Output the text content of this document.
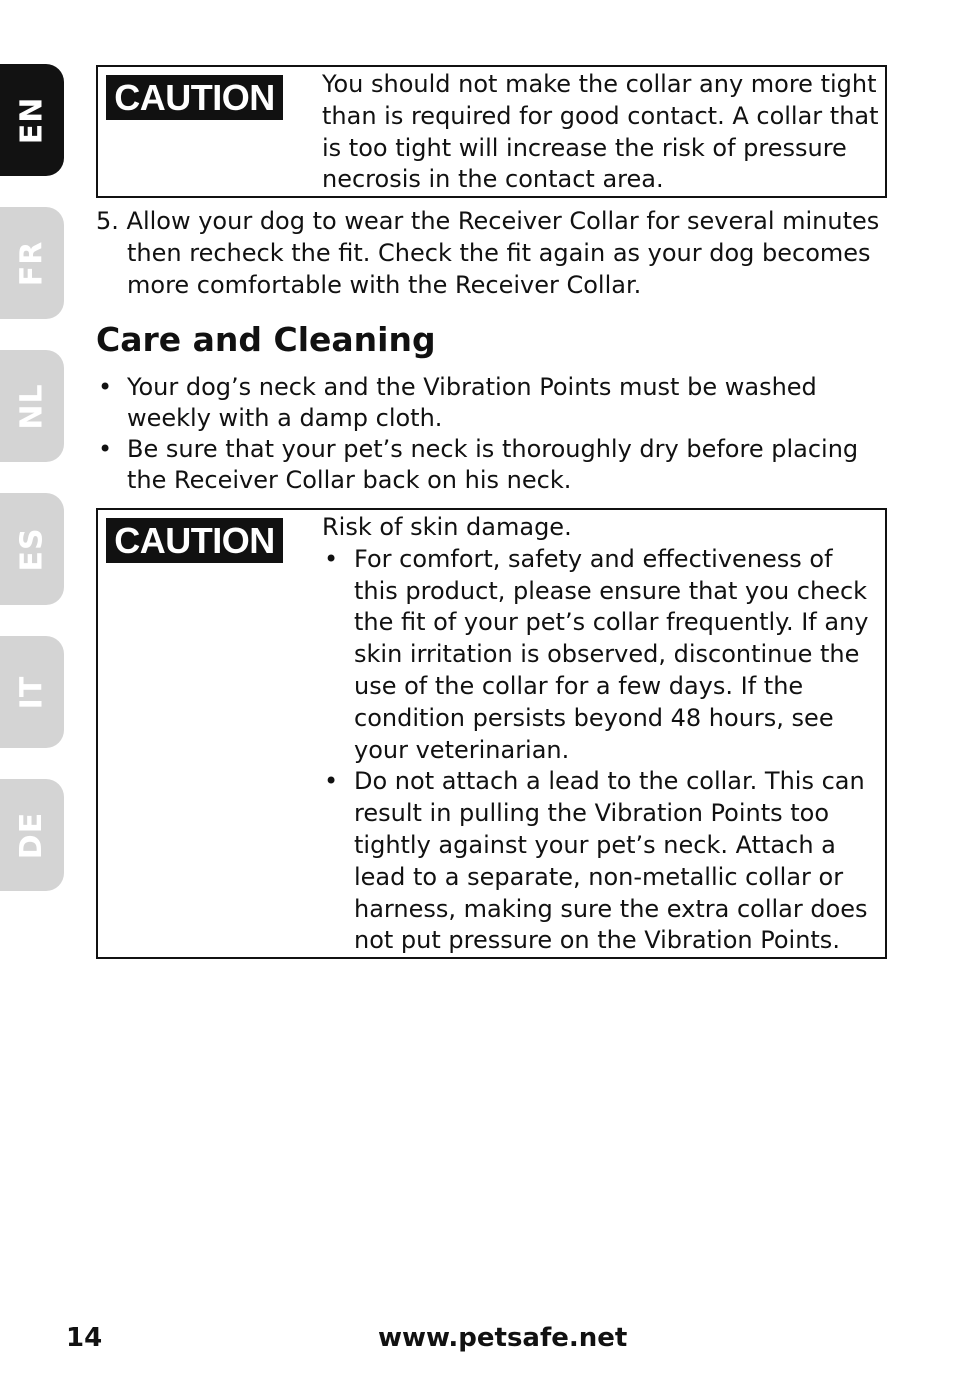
EN
FR
NL
ES
IT
DE
CAUTION	You should not make the collar any more tight than is required for good contact. A collar that is too tight will increase the risk of pressure necrosis in the contact area.

5. Allow your dog to wear the Receiver Collar for several minutes then recheck the fit. Check the fit again as your dog becomes more comfortable with the Receiver Collar.
Care and Cleaning
• Your dog’s neck and the Vibration Points must be washed weekly with a damp cloth.
• Be sure that your pet’s neck is thoroughly dry before placing the Receiver Collar back on his neck.
CAUTION	Risk of skin damage.

• For comfort, safety and effectiveness of this product, please ensure that you check the fit of your pet’s collar frequently. If any skin irritation is observed, discontinue the use of the collar for a few days. If the condition persists beyond 48 hours, see your veterinarian.
• Do not attach a lead to the collar. This can result in pulling the Vibration Points too tightly against your pet’s neck. Attach a lead to a separate, non-metallic collar or harness, making sure the extra collar does not put pressure on the Vibration Points.
14	www.petsafe.net
